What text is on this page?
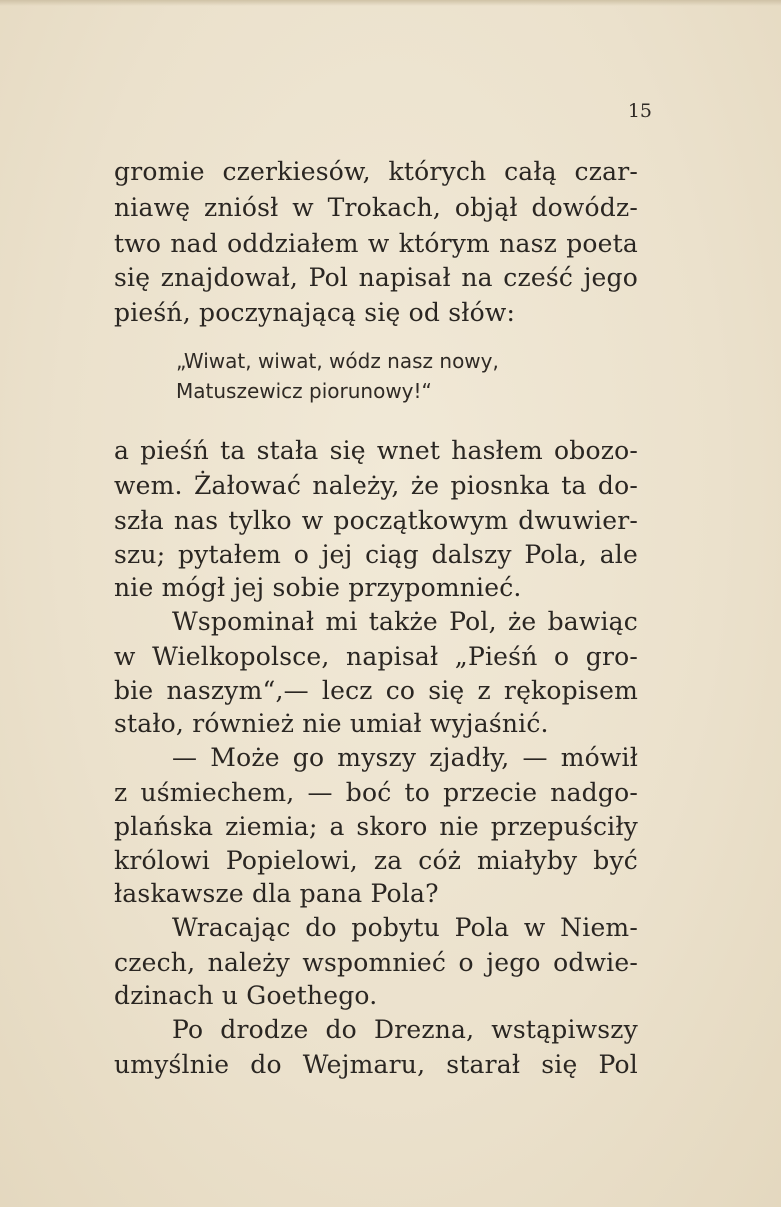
15
gromie czerkiesów, których całą czar-
niawę zniósł w Trokach, objął dowódz-
two nad oddziałem w którym nasz poeta
się znajdował, Pol napisał na cześć jego
pieśń, poczynającą się od słów:
a pieśń ta stała się wnet hasłem obozo-
wem. Żałować należy, że piosnka ta do-
szła nas tylko w początkowym dwuwier-
szu; pytałem o jej ciąg dalszy Pola, ale
nie mógł jej sobie przypomnieć.
Wspominał mi także Pol, że bawiąc
w Wielkopolsce, napisał „Pieśń o gro-
bie naszym“,— lecz co się z rękopisem
stało, również nie umiał wyjaśnić.
— Może go myszy zjadły, — mówił
z uśmiechem, — boć to przecie nadgo-
plańska ziemia; a skoro nie przepuściły
królowi Popielowi, za cóż miałyby być
łaskawsze dla pana Pola?
Wracając do pobytu Pola w Niem-
czech, należy wspomnieć o jego odwie-
dzinach u Goethego.
Po drodze do Drezna, wstąpiwszy
umyślnie do Wejmaru, starał się Pol
„Wiwat, wiwat, wódz nasz nowy,
Matuszewicz piorunowy!“
